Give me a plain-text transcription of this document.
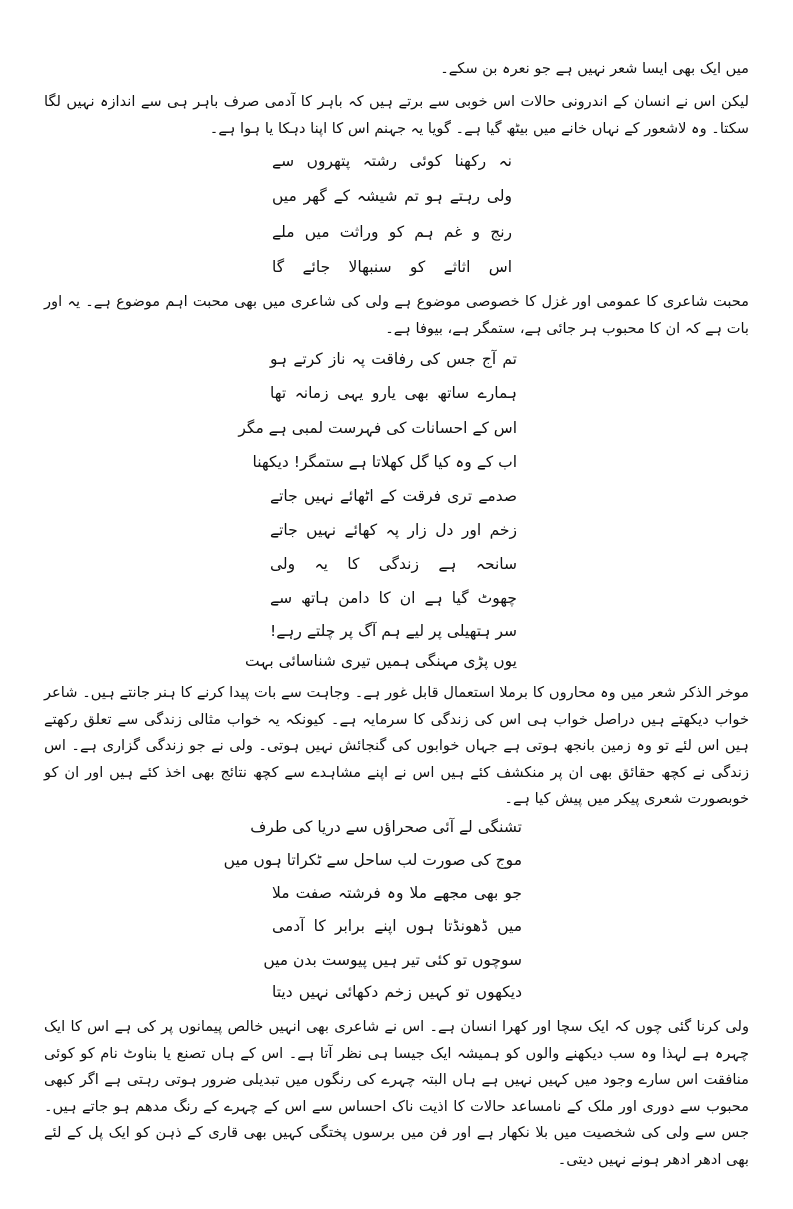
میں ایک بھی ایسا شعر نہیں ہے جو نعرہ بن سکے۔

لیکن اس نے انسان کے اندرونی حالات اس خوبی سے برتے ہیں کہ باہر کا آدمی صرف باہر ہی سے اندازہ نہیں لگا سکتا۔ وہ لاشعور کے نہاں خانے میں بیٹھ گیا ہے۔ گویا یہ جہنم اس کا اپنا دہکا یا ہوا ہے۔

نہ رکھنا کوئی رشتہ پتھروں سے
ولی رہتے ہو تم شیشہ کے گھر میں
رنج و غم ہم کو وراثت میں ملے
اس اثاثے کو سنبھالا جائے گا

محبت شاعری کا عمومی اور غزل کا خصوصی موضوع ہے ولی کی شاعری میں بھی محبت اہم موضوع ہے۔ یہ اور بات ہے کہ ان کا محبوب ہر جائی ہے، ستمگر ہے، بیوفا ہے۔

تم آج جس کی رفاقت پہ ناز کرتے ہو
ہمارے ساتھ بھی یارو یہی زمانہ تھا
اس کے احسانات کی فہرست لمبی ہے مگر
اب کے وہ کیا گل کھلاتا ہے ستمگر! دیکھنا
صدمے تری فرقت کے اٹھائے نہیں جاتے
زخم اور دل زار پہ کھائے نہیں جاتے
سانحہ ہے زندگی کا یہ ولی
چھوٹ گیا ہے ان کا دامن ہاتھ سے
سر ہتھیلی پر لیے ہم آگ پر چلتے رہے!
یوں پڑی مہنگی ہمیں تیری شناسائی بہت

موخر الذکر شعر میں وہ محاروں کا برملا استعمال قابل غور ہے۔ وجاہت سے بات پیدا کرنے کا ہنر جانتے ہیں۔ شاعر خواب دیکھتے ہیں دراصل خواب ہی اس کی زندگی کا سرمایہ ہے۔ کیونکہ یہ خواب مثالی زندگی سے تعلق رکھتے ہیں اس لئے تو وہ زمین بانجھ ہوتی ہے جہاں خوابوں کی گنجائش نہیں ہوتی۔ ولی نے جو زندگی گزاری ہے۔ اس زندگی نے کچھ حقائق بھی ان پر منکشف کئے ہیں اس نے اپنے مشاہدے سے کچھ نتائج بھی اخذ کئے ہیں اور ان کو خوبصورت شعری پیکر میں پیش کیا ہے۔

تشنگی لے آئی صحراؤں سے دریا کی طرف
موج کی صورت لب ساحل سے ٹکراتا ہوں میں
جو بھی مجھے ملا وہ فرشتہ صفت ملا
میں ڈھونڈتا ہوں اپنے برابر کا آدمی
سوچوں تو کئی تیر ہیں پیوست بدن میں
دیکھوں تو کہیں زخم دکھائی نہیں دیتا

ولی کرنا گئی چوں کہ ایک سچا اور کھرا انسان ہے۔ اس نے شاعری بھی انہیں خالص پیمانوں پر کی ہے اس کا ایک چہرہ ہے لہذا وہ سب دیکھنے والوں کو ہمیشہ ایک جیسا ہی نظر آتا ہے۔ اس کے ہاں تصنع یا بناوٹ نام کو کوئی منافقت اس سارے وجود میں کہیں نہیں ہے ہاں البتہ چہرے کی رنگوں میں تبدیلی ضرور ہوتی رہتی ہے اگر کبھی محبوب سے دوری اور ملک کے نامساعد حالات کا اذیت ناک احساس سے اس کے چہرے کے رنگ مدھم ہو جاتے ہیں۔ جس سے ولی کی شخصیت میں بلا نکھار ہے اور فن میں برسوں پختگی کہیں بھی قاری کے ذہن کو ایک پل کے لئے بھی ادھر ادھر ہونے نہیں دیتی۔
